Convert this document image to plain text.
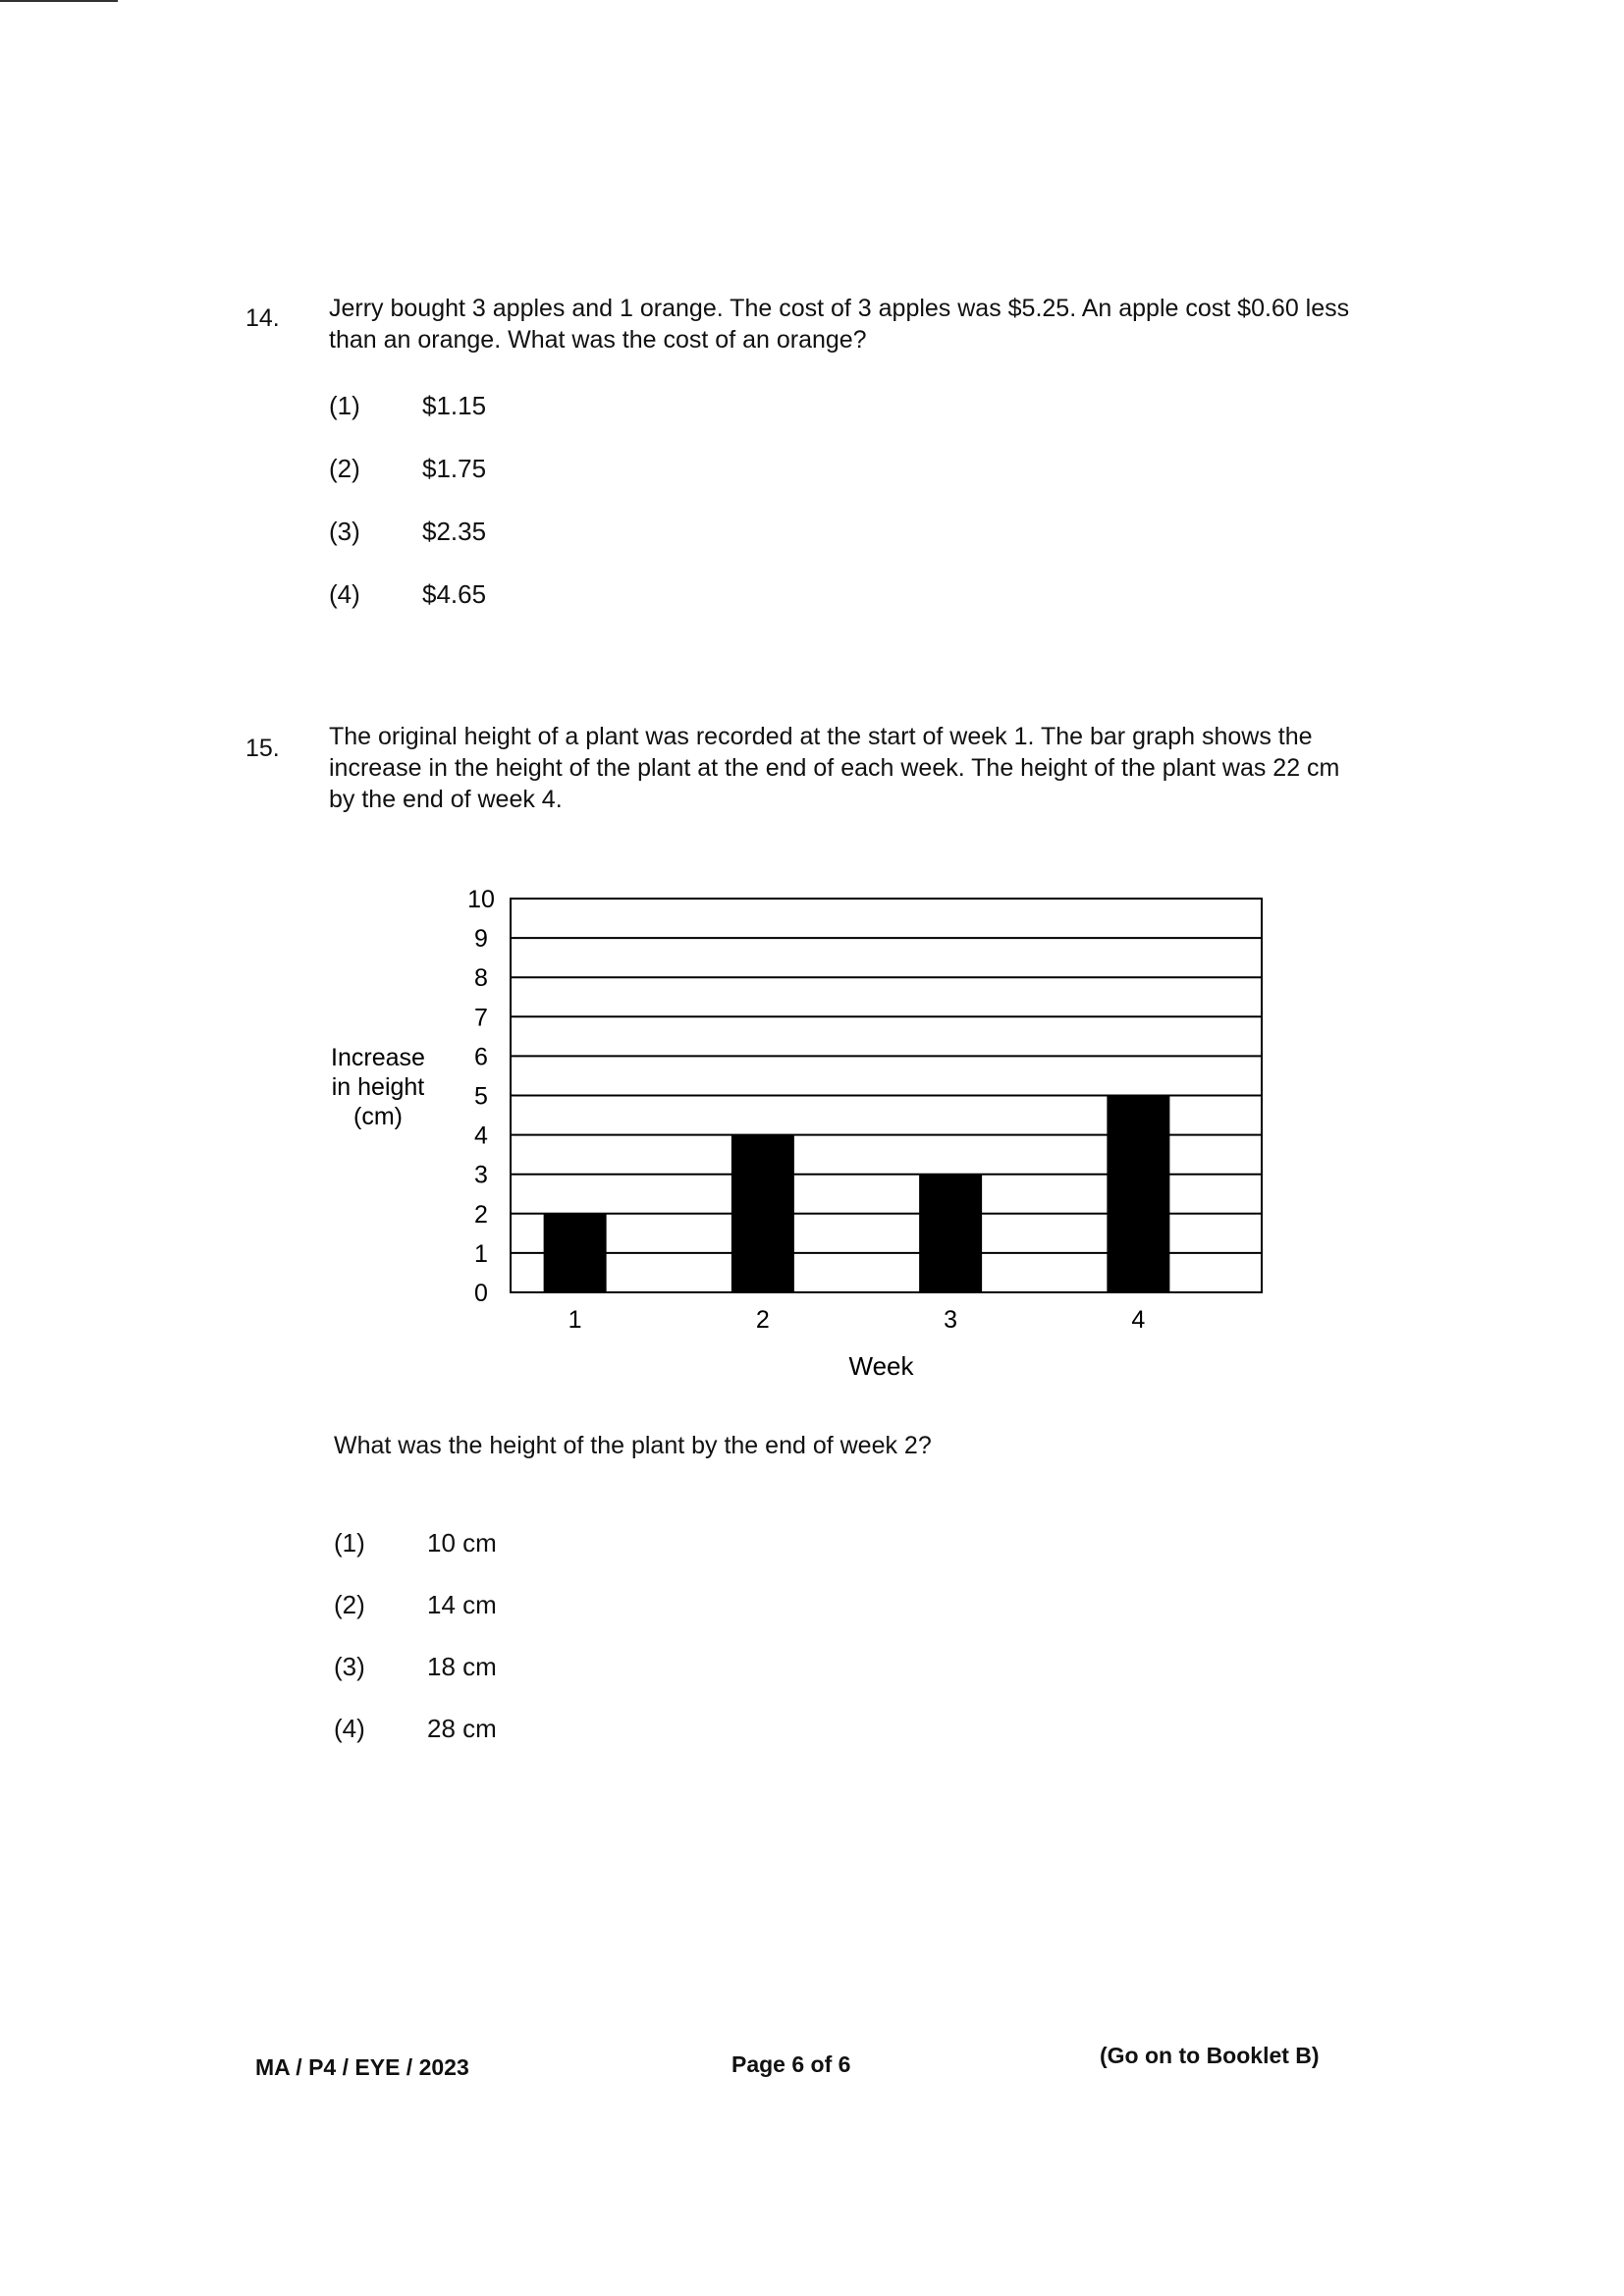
14. Jerry bought 3 apples and 1 orange. The cost of 3 apples was $5.25. An apple cost $0.60 less than an orange. What was the cost of an orange?
(1) $1.15
(2) $1.75
(3) $2.35
(4) $4.65
15. The original height of a plant was recorded at the start of week 1. The bar graph shows the increase in the height of the plant at the end of each week. The height of the plant was 22 cm by the end of week 4.
Increase
in height
(cm)
0
1
2
3
4
5
6
7
8
9
10
1	2	3	4
Week
What was the height of the plant by the end of week 2?
(1) 10 cm
(2) 14 cm
(3) 18 cm
(4) 28 cm
MA / P4 / EYE / 2023	Page 6 of 6	(Go on to Booklet B)
